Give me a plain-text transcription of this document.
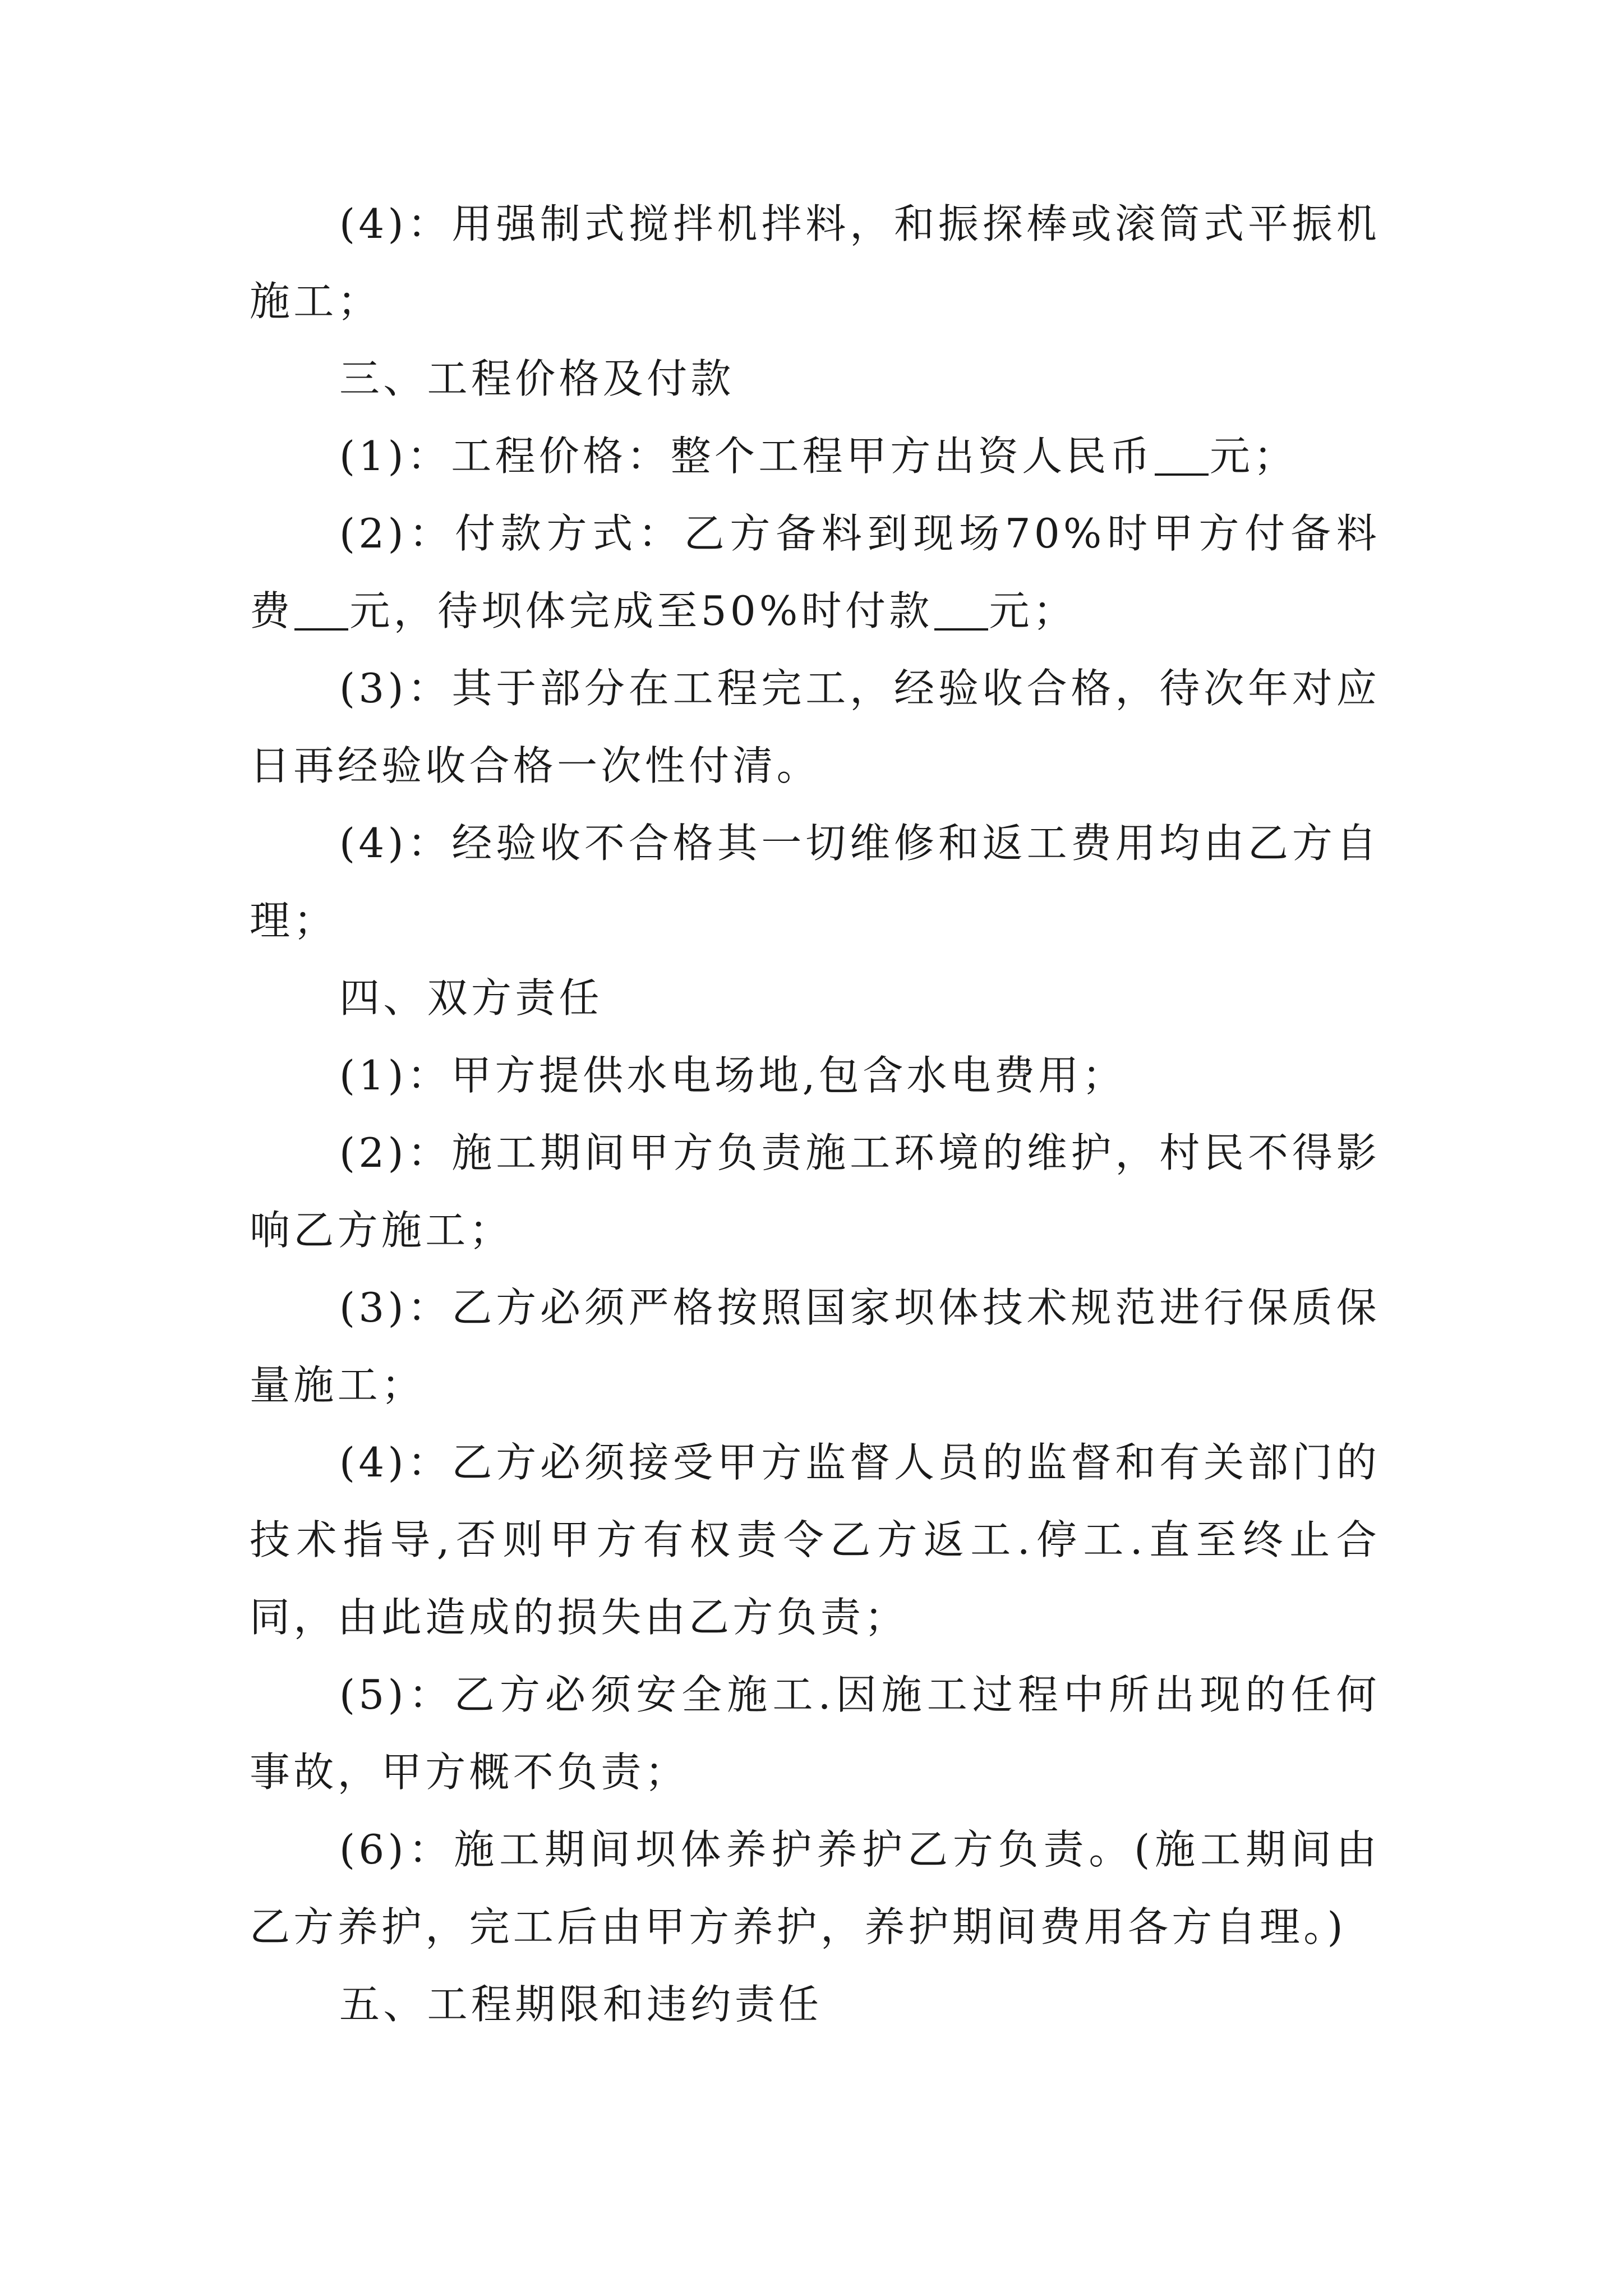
(4)：用强制式搅拌机拌料，和振探棒或滚筒式平振机施工；

三、工程价格及付款

(1)：工程价格：整个工程甲方出资人民币 元；

(2)：付款方式：乙方备料到现场70%时甲方付备料费 元，待坝体完成至50%时付款 元；

(3)：其于部分在工程完工，经验收合格，待次年对应日再经验收合格一次性付清。

(4)：经验收不合格其一切维修和返工费用均由乙方自理；

四、双方责任

(1)：甲方提供水电场地,包含水电费用；

(2)：施工期间甲方负责施工环境的维护，村民不得影响乙方施工；

(3)：乙方必须严格按照国家坝体技术规范进行保质保量施工；

(4)：乙方必须接受甲方监督人员的监督和有关部门的技术指导,否则甲方有权责令乙方返工.停工.直至终止合同，由此造成的损失由乙方负责；

(5)：乙方必须安全施工.因施工过程中所出现的任何事故，甲方概不负责；

(6)：施工期间坝体养护养护乙方负责。(施工期间由乙方养护，完工后由甲方养护，养护期间费用各方自理。)

五、工程期限和违约责任
